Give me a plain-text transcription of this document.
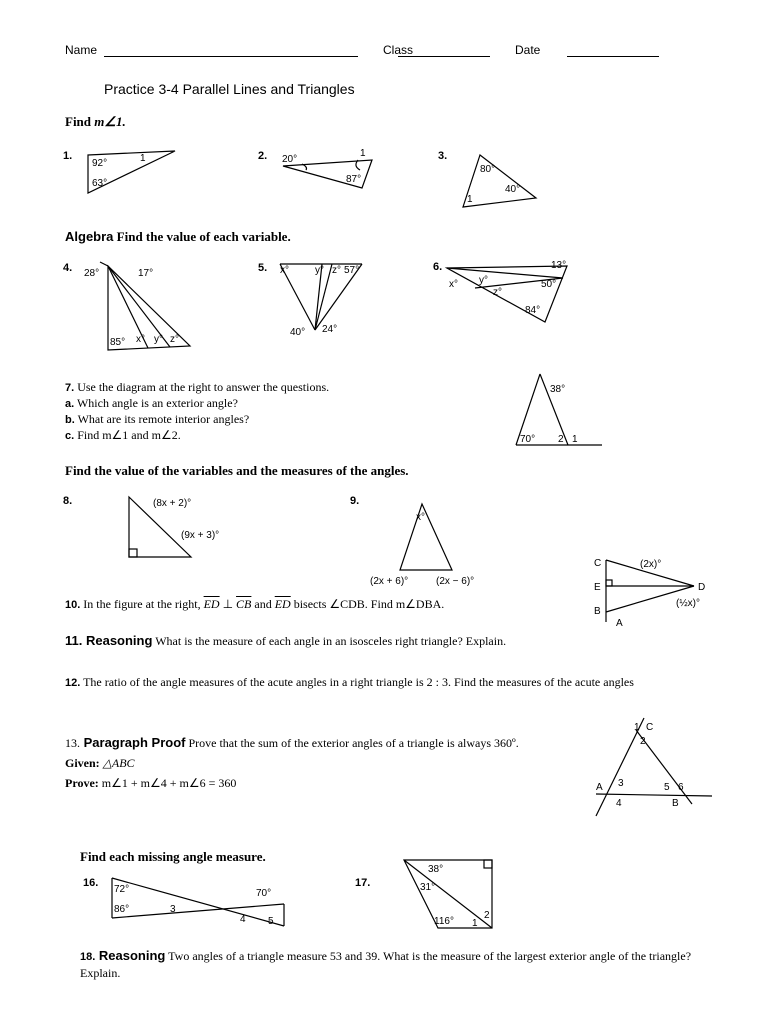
Name	Class	Date
Practice 3-4 Parallel Lines and Triangles
Find m∠1.
1.
92°
63°
1	2. 20°
1
87°
3.
80°
40°
1
Algebra Find the value of each variable.
4. 28°	17°
85° x° y° z°
5. x°	y° z° 57°
40° 24°
6.	13°
x° y°
z°
50°
84°
7. Use the diagram at the right to answer the questions.
a. Which angle is an exterior angle?
b. What are its remote interior angles?
c. Find m∠1 and m∠2.
38°
70° 2 1
Find the value of the variables and the measures of the angles.
8.	(8x + 2)°
(9x + 3)°
9.
x°
(2x + 6)°	(2x − 6)°
C	(2x)°
E	D
B
(½x)°
A
10. In the figure at the right, $\overline{ED}$ ⊥ $\overline{CB}$ and $\overline{ED}$ bisects ∠CDB. Find m∠DBA.
11. Reasoning What is the measure of each angle in an isosceles right triangle? Explain.
12. The ratio of the angle measures of the acute angles in a right triangle is 2 : 3. Find the measures of the acute angles
13. Paragraph Proof Prove that the sum of the exterior angles of a triangle is always 360º.
Given: △ABC
Prove: m∠1 + m∠4 + m∠6 = 360
1 C
2
A 3
4
5 6
B
Find each missing angle measure.
16.
72°
86°	3
70°
4 5
17.
38°
31°
116° 1
2
18. Reasoning Two angles of a triangle measure 53 and 39. What is the measure of the largest exterior angle of the triangle? Explain.
